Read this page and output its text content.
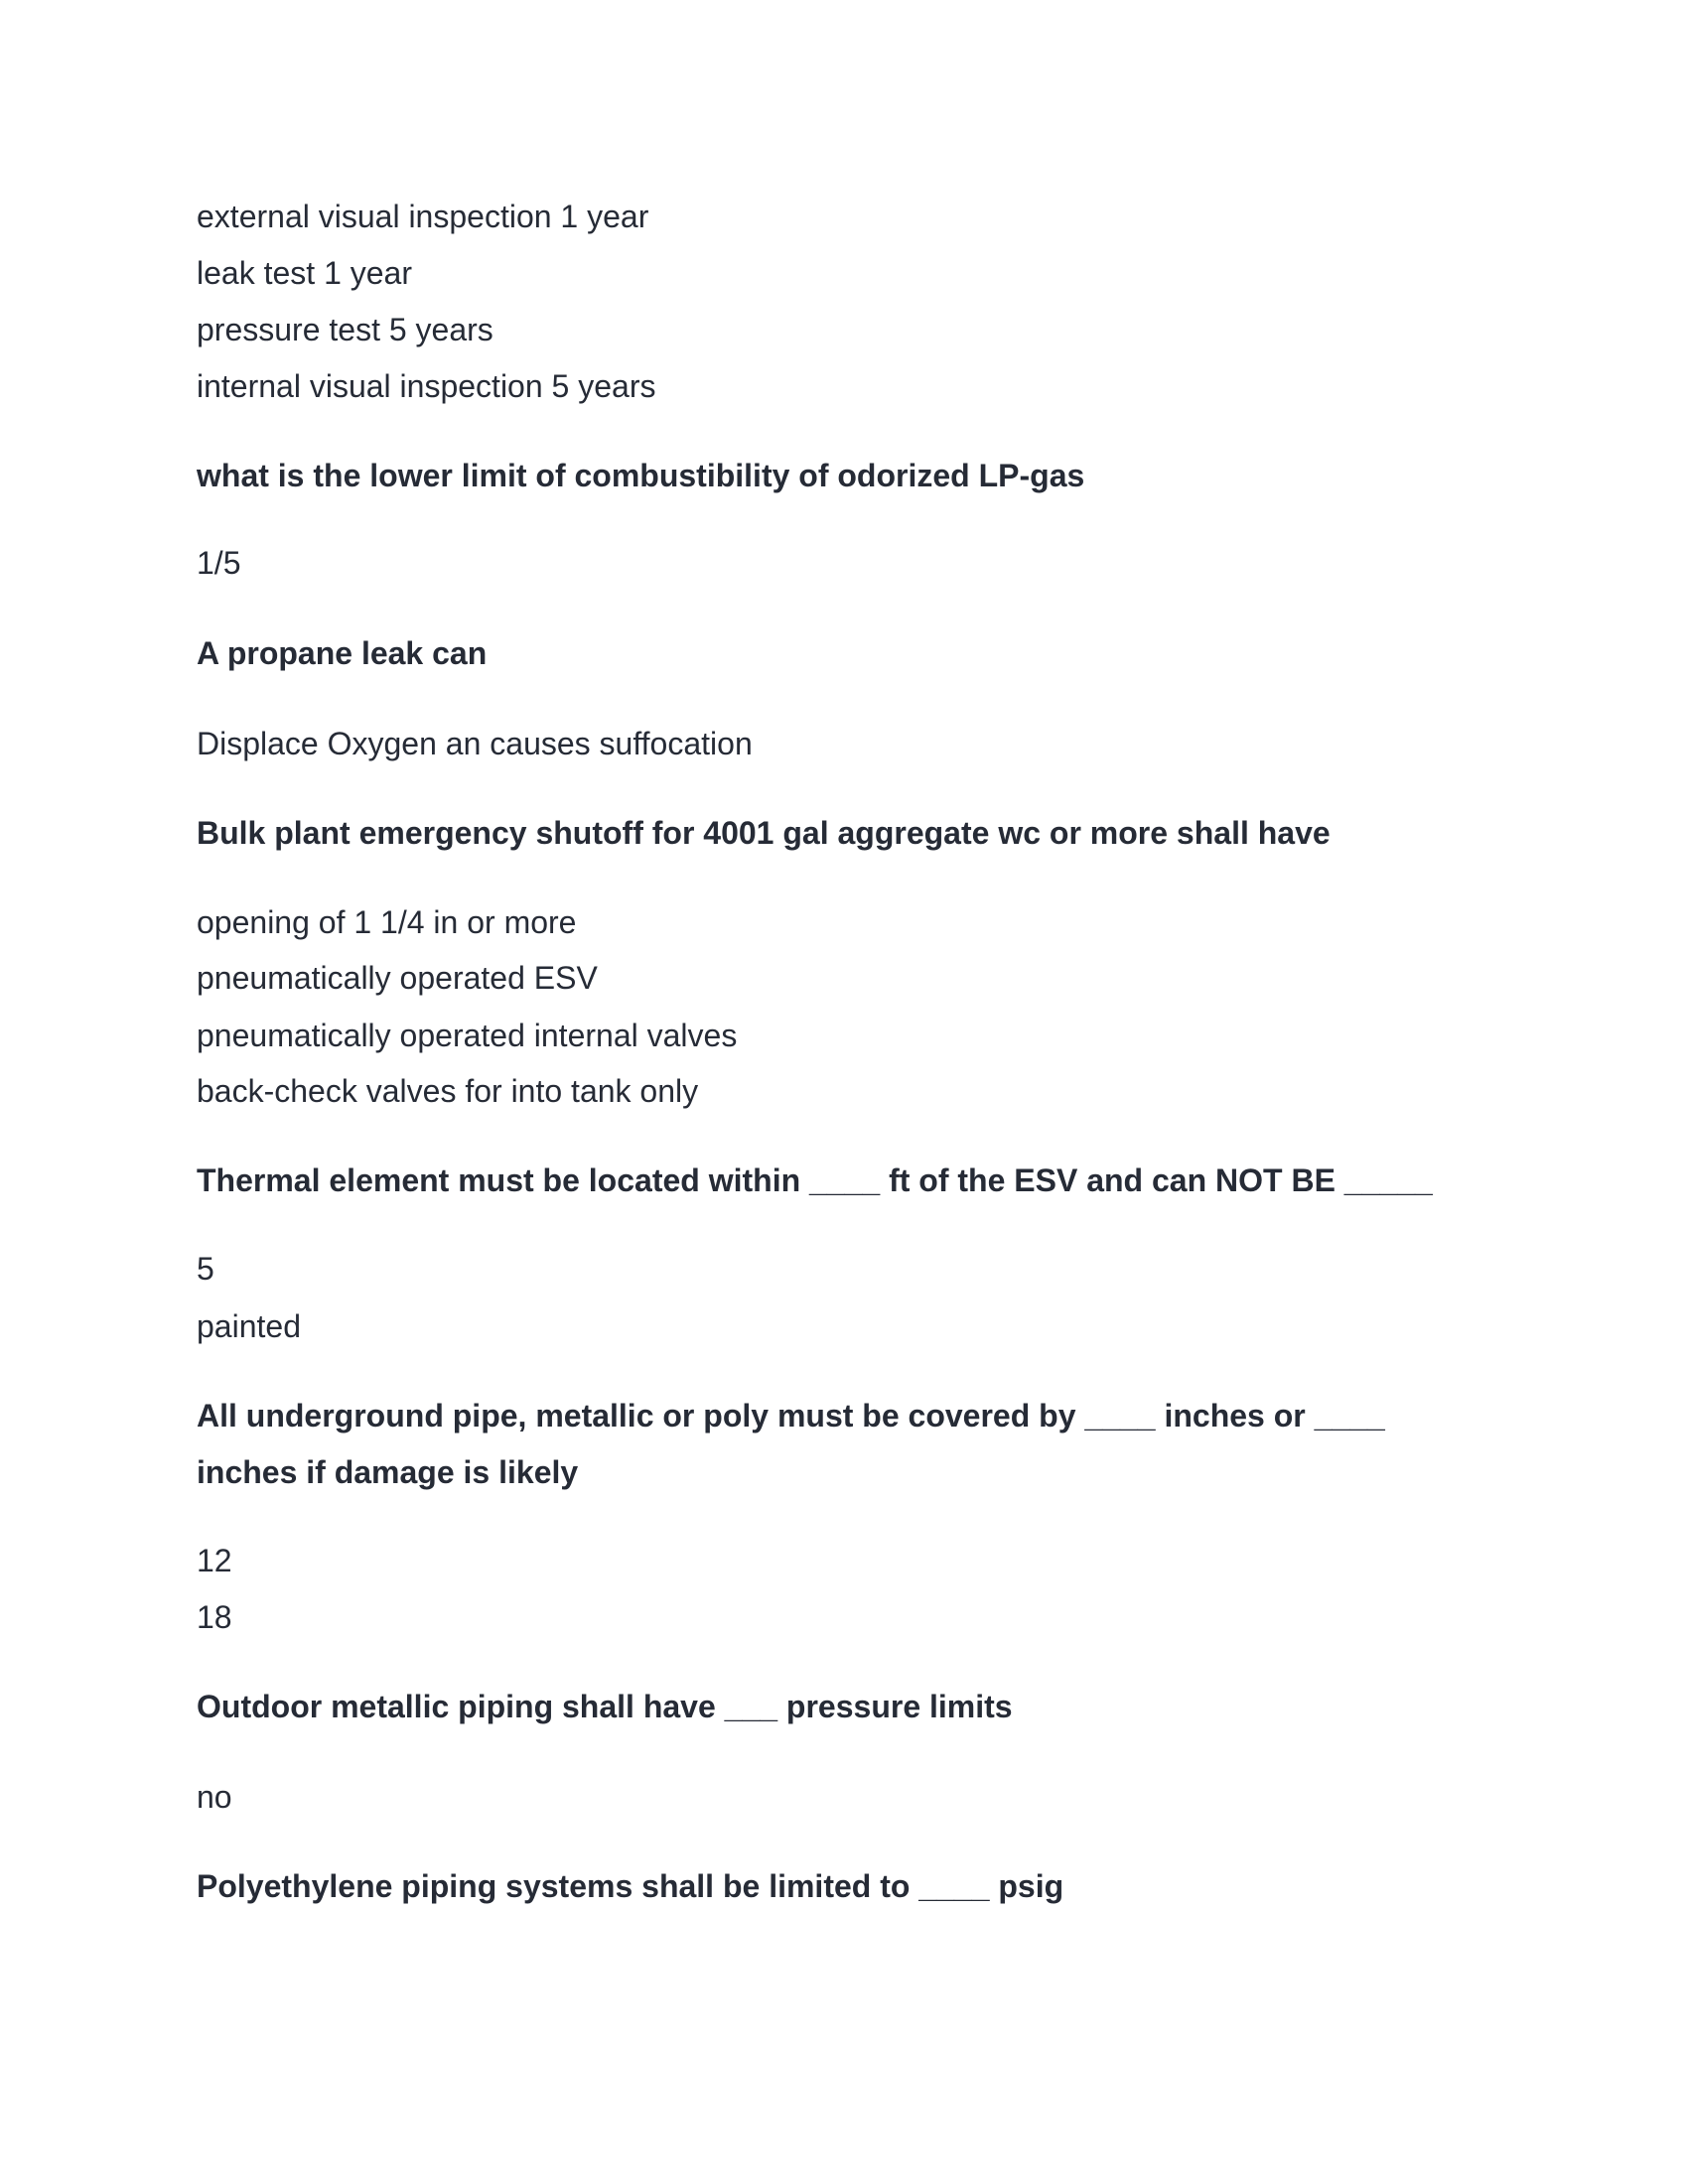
external visual inspection 1 year
leak test 1 year
pressure test 5 years
internal visual inspection 5 years
what is the lower limit of combustibility of odorized LP-gas
1/5
A propane leak can
Displace Oxygen an causes suffocation
Bulk plant emergency shutoff for 4001 gal aggregate wc or more shall have
opening of 1 1/4 in or more
pneumatically operated ESV
pneumatically operated internal valves
back-check valves for into tank only
Thermal element must be located within ____ ft of the ESV and can NOT BE _____
5
painted
All underground pipe, metallic or poly must be covered by ____ inches or ____
inches if damage is likely
12
18
Outdoor metallic piping shall have ___ pressure limits
no
Polyethylene piping systems shall be limited to ____ psig
